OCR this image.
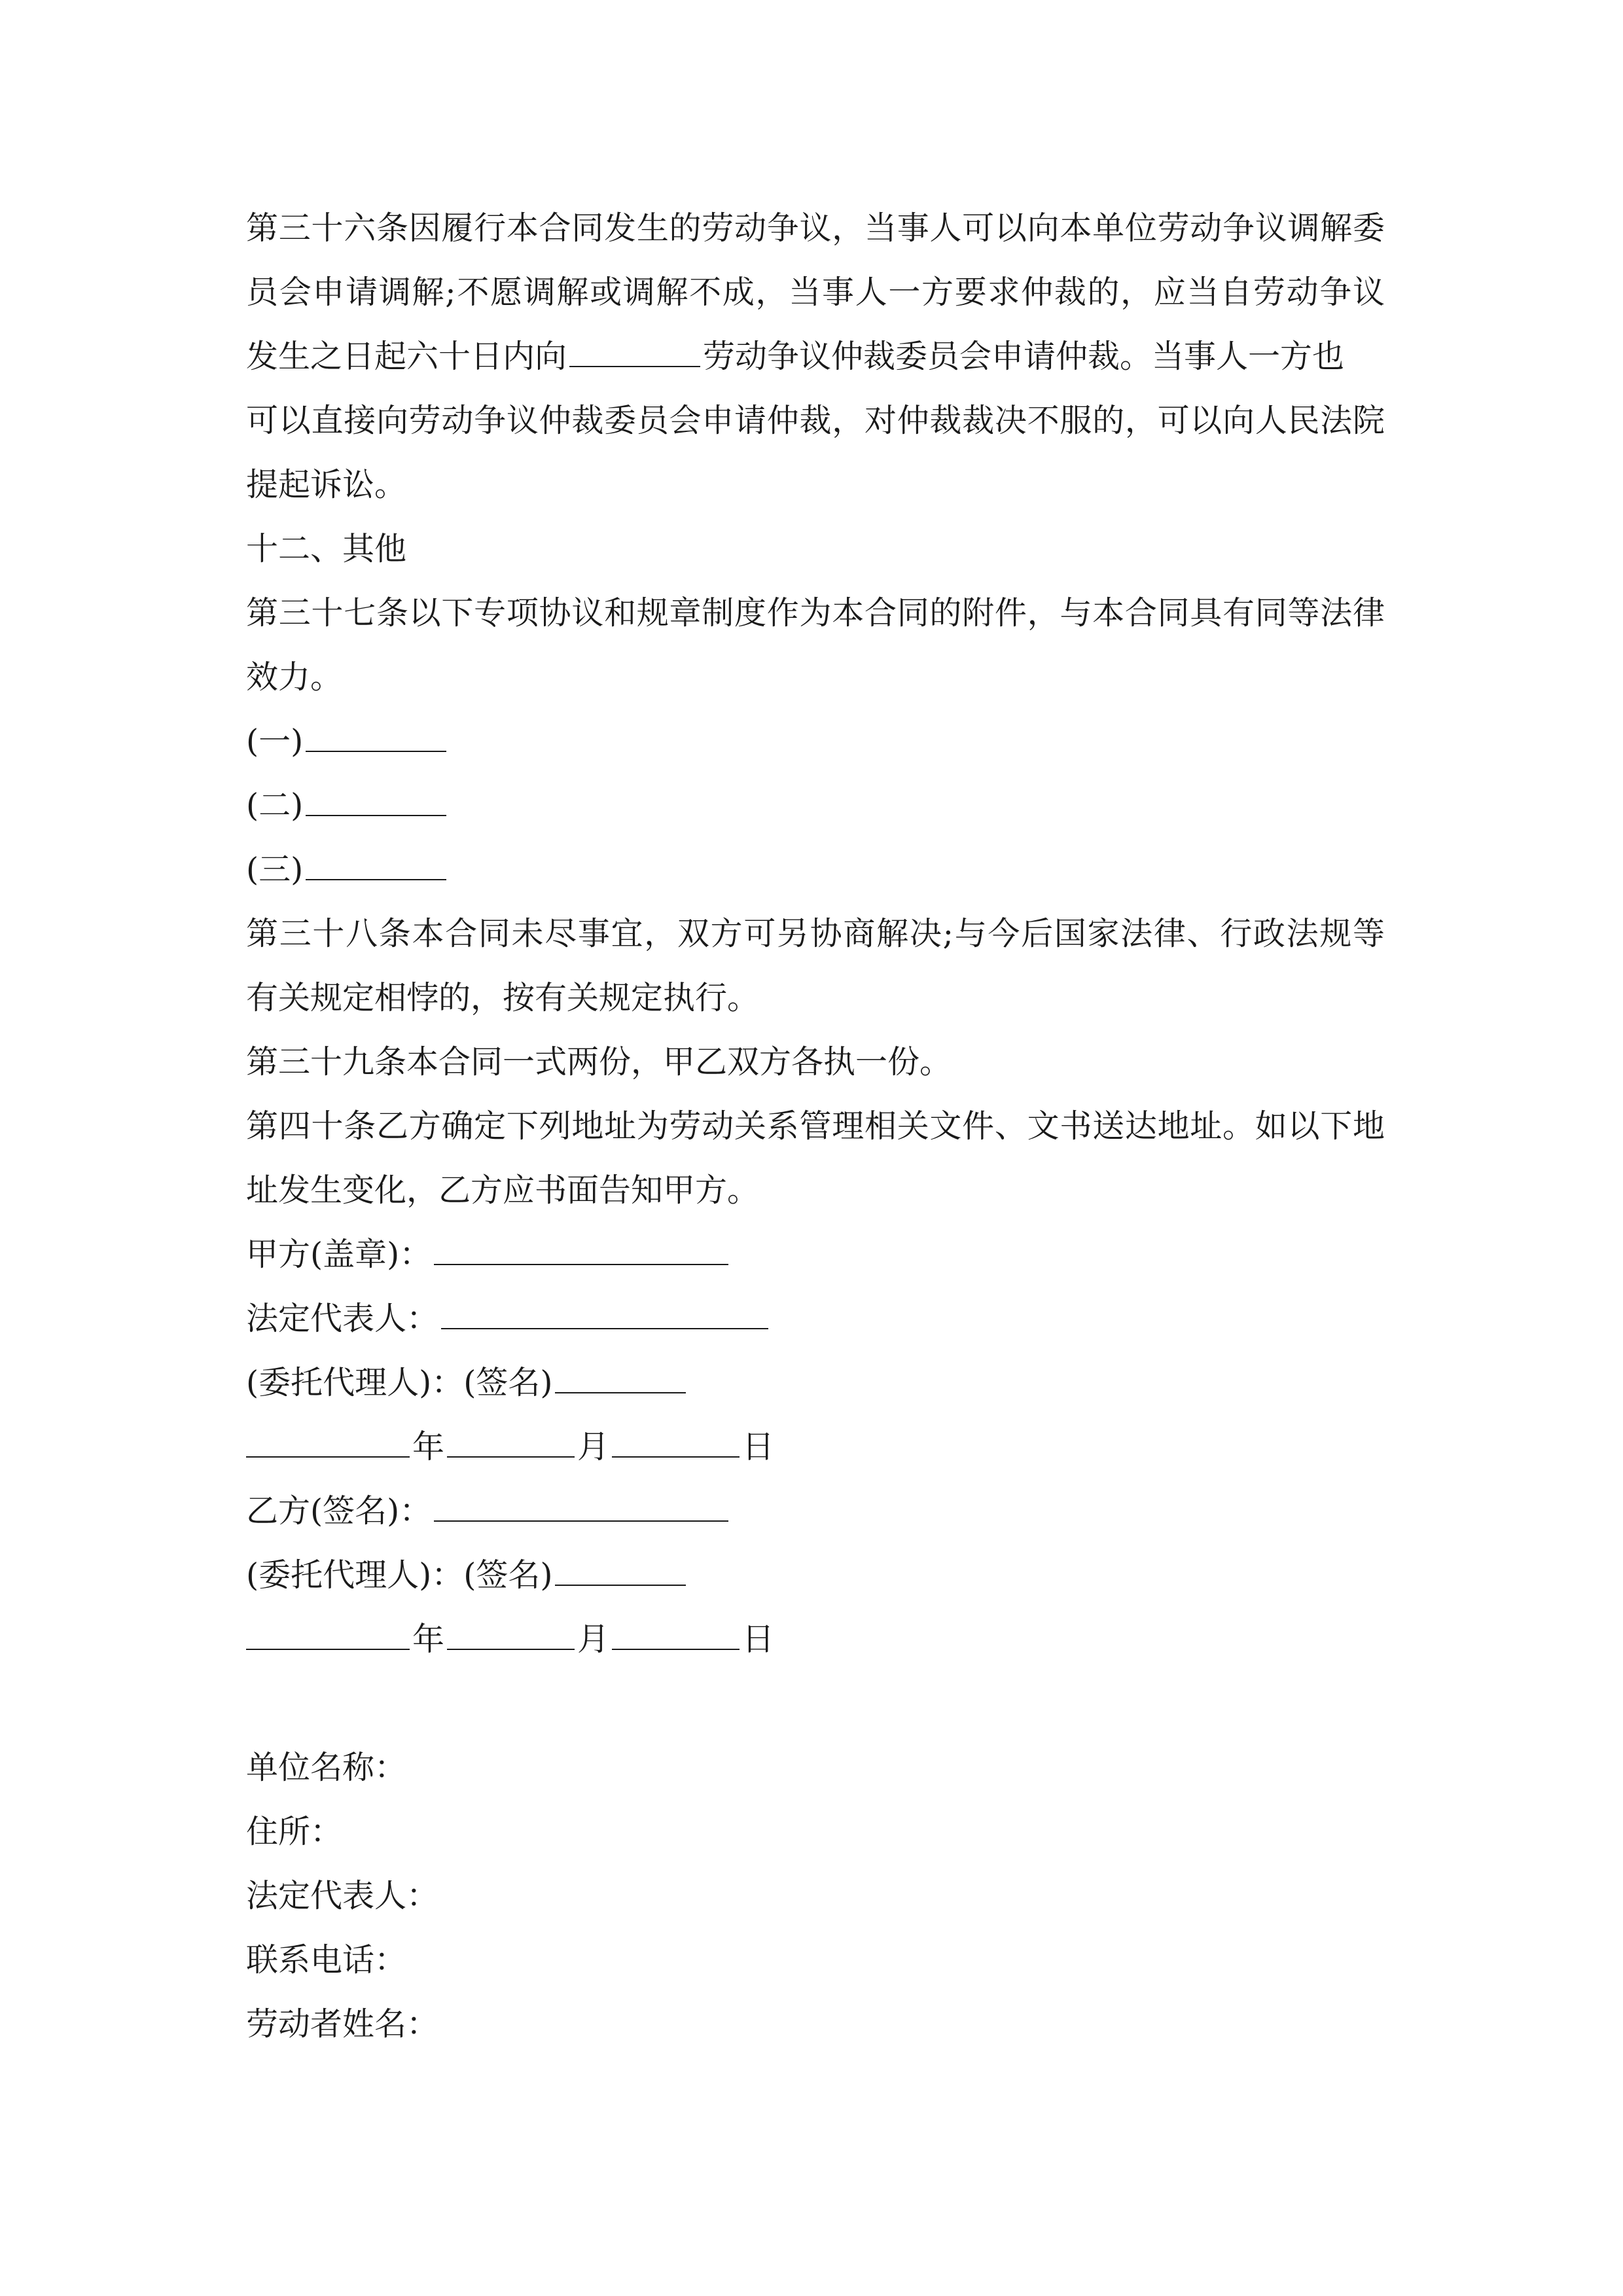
第三十六条因履行本合同发生的劳动争议，当事人可以向本单位劳动争议调解委

员会申请调解;不愿调解或调解不成，当事人一方要求仲裁的，应当自劳动争议

发生之日起六十日内向	劳动争议仲裁委员会申请仲裁。当事人一方也

可以直接向劳动争议仲裁委员会申请仲裁，对仲裁裁决不服的，可以向人民法院

提起诉讼。

十二、其他

第三十七条以下专项协议和规章制度作为本合同的附件，与本合同具有同等法律

效力。

(一)

(二)

(三)

第三十八条本合同未尽事宜，双方可另协商解决;与今后国家法律、行政法规等

有关规定相悖的，按有关规定执行。

第三十九条本合同一式两份，甲乙双方各执一份。

第四十条乙方确定下列地址为劳动关系管理相关文件、文书送达地址。如以下地

址发生变化，乙方应书面告知甲方。

甲方(盖章)：

法定代表人：

(委托代理人)：(签名)

年	月	日

乙方(签名)：

(委托代理人)：(签名)

年	月	日

单位名称：

住所：

法定代表人：

联系电话：

劳动者姓名：
